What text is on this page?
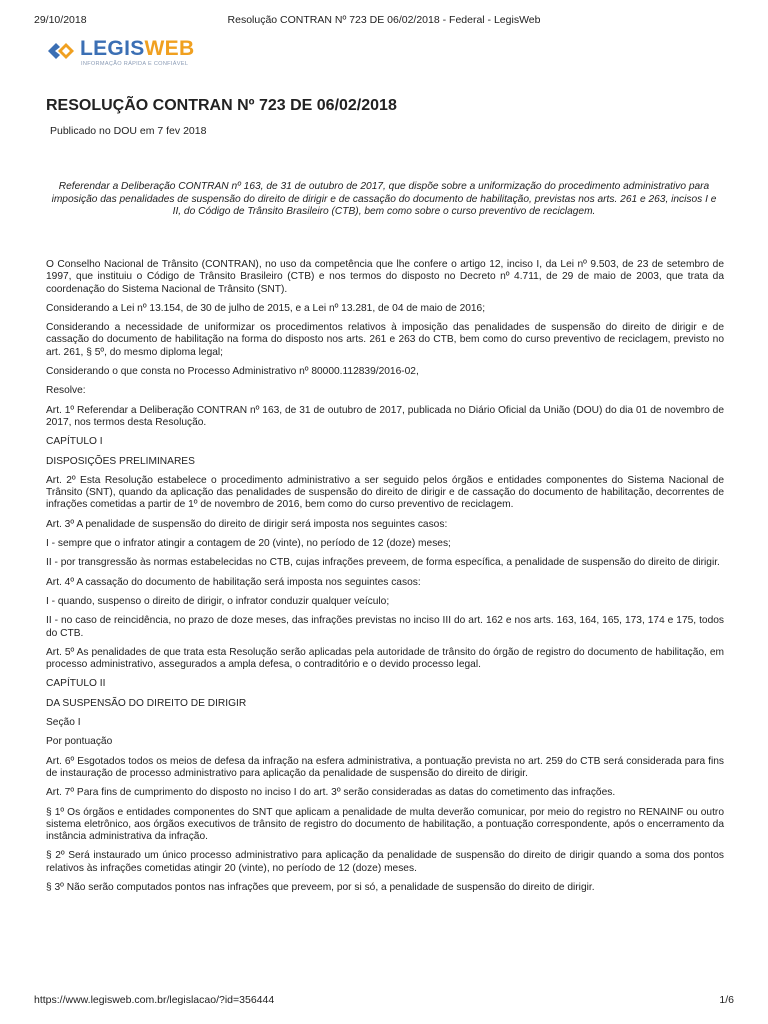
29/10/2018	Resolução CONTRAN Nº 723 DE 06/02/2018 - Federal - LegisWeb
LEGISWEB
INFORMAÇÃO RÁPIDA E CONFIÁVEL
RESOLUÇÃO CONTRAN Nº 723 DE 06/02/2018

Publicado no DOU em 7 fev 2018

Referendar a Deliberação CONTRAN nº 163, de 31 de outubro de 2017, que dispõe sobre a uniformização do procedimento administrativo para imposição das penalidades de suspensão do direito de dirigir e de cassação do documento de habilitação, previstas nos arts. 261 e 263, incisos I e II, do Código de Trânsito Brasileiro (CTB), bem como sobre o curso preventivo de reciclagem.

O Conselho Nacional de Trânsito (CONTRAN), no uso da competência que lhe confere o artigo 12, inciso I, da Lei nº 9.503, de 23 de setembro de 1997, que instituiu o Código de Trânsito Brasileiro (CTB) e nos termos do disposto no Decreto nº 4.711, de 29 de maio de 2003, que trata da coordenação do Sistema Nacional de Trânsito (SNT).

Considerando a Lei nº 13.154, de 30 de julho de 2015, e a Lei nº 13.281, de 04 de maio de 2016;

Considerando a necessidade de uniformizar os procedimentos relativos à imposição das penalidades de suspensão do direito de dirigir e de cassação do documento de habilitação na forma do disposto nos arts. 261 e 263 do CTB, bem como do curso preventivo de reciclagem, previsto no art. 261, § 5º, do mesmo diploma legal;

Considerando o que consta no Processo Administrativo nº 80000.112839/2016-02,

Resolve:

Art. 1º Referendar a Deliberação CONTRAN nº 163, de 31 de outubro de 2017, publicada no Diário Oficial da União (DOU) do dia 01 de novembro de 2017, nos termos desta Resolução.

CAPÍTULO I

DISPOSIÇÕES PRELIMINARES

Art. 2º Esta Resolução estabelece o procedimento administrativo a ser seguido pelos órgãos e entidades componentes do Sistema Nacional de Trânsito (SNT), quando da aplicação das penalidades de suspensão do direito de dirigir e de cassação do documento de habilitação, decorrentes de infrações cometidas a partir de 1º de novembro de 2016, bem como do curso preventivo de reciclagem.

Art. 3º A penalidade de suspensão do direito de dirigir será imposta nos seguintes casos:

I - sempre que o infrator atingir a contagem de 20 (vinte), no período de 12 (doze) meses;

II - por transgressão às normas estabelecidas no CTB, cujas infrações preveem, de forma específica, a penalidade de suspensão do direito de dirigir.

Art. 4º A cassação do documento de habilitação será imposta nos seguintes casos:

I - quando, suspenso o direito de dirigir, o infrator conduzir qualquer veículo;

II - no caso de reincidência, no prazo de doze meses, das infrações previstas no inciso III do art. 162 e nos arts. 163, 164, 165, 173, 174 e 175, todos do CTB.

Art. 5º As penalidades de que trata esta Resolução serão aplicadas pela autoridade de trânsito do órgão de registro do documento de habilitação, em processo administrativo, assegurados a ampla defesa, o contraditório e o devido processo legal.

CAPÍTULO II

DA SUSPENSÃO DO DIREITO DE DIRIGIR

Seção I

Por pontuação

Art. 6º Esgotados todos os meios de defesa da infração na esfera administrativa, a pontuação prevista no art. 259 do CTB será considerada para fins de instauração de processo administrativo para aplicação da penalidade de suspensão do direito de dirigir.

Art. 7º Para fins de cumprimento do disposto no inciso I do art. 3º serão consideradas as datas do cometimento das infrações.

§ 1º Os órgãos e entidades componentes do SNT que aplicam a penalidade de multa deverão comunicar, por meio do registro no RENAINF ou outro sistema eletrônico, aos órgãos executivos de trânsito de registro do documento de habilitação, a pontuação correspondente, após o encerramento da instância administrativa da infração.

§ 2º Será instaurado um único processo administrativo para aplicação da penalidade de suspensão do direito de dirigir quando a soma dos pontos relativos às infrações cometidas atingir 20 (vinte), no período de 12 (doze) meses.

§ 3º Não serão computados pontos nas infrações que preveem, por si só, a penalidade de suspensão do direito de dirigir.

https://www.legisweb.com.br/legislacao/?id=356444	1/6
